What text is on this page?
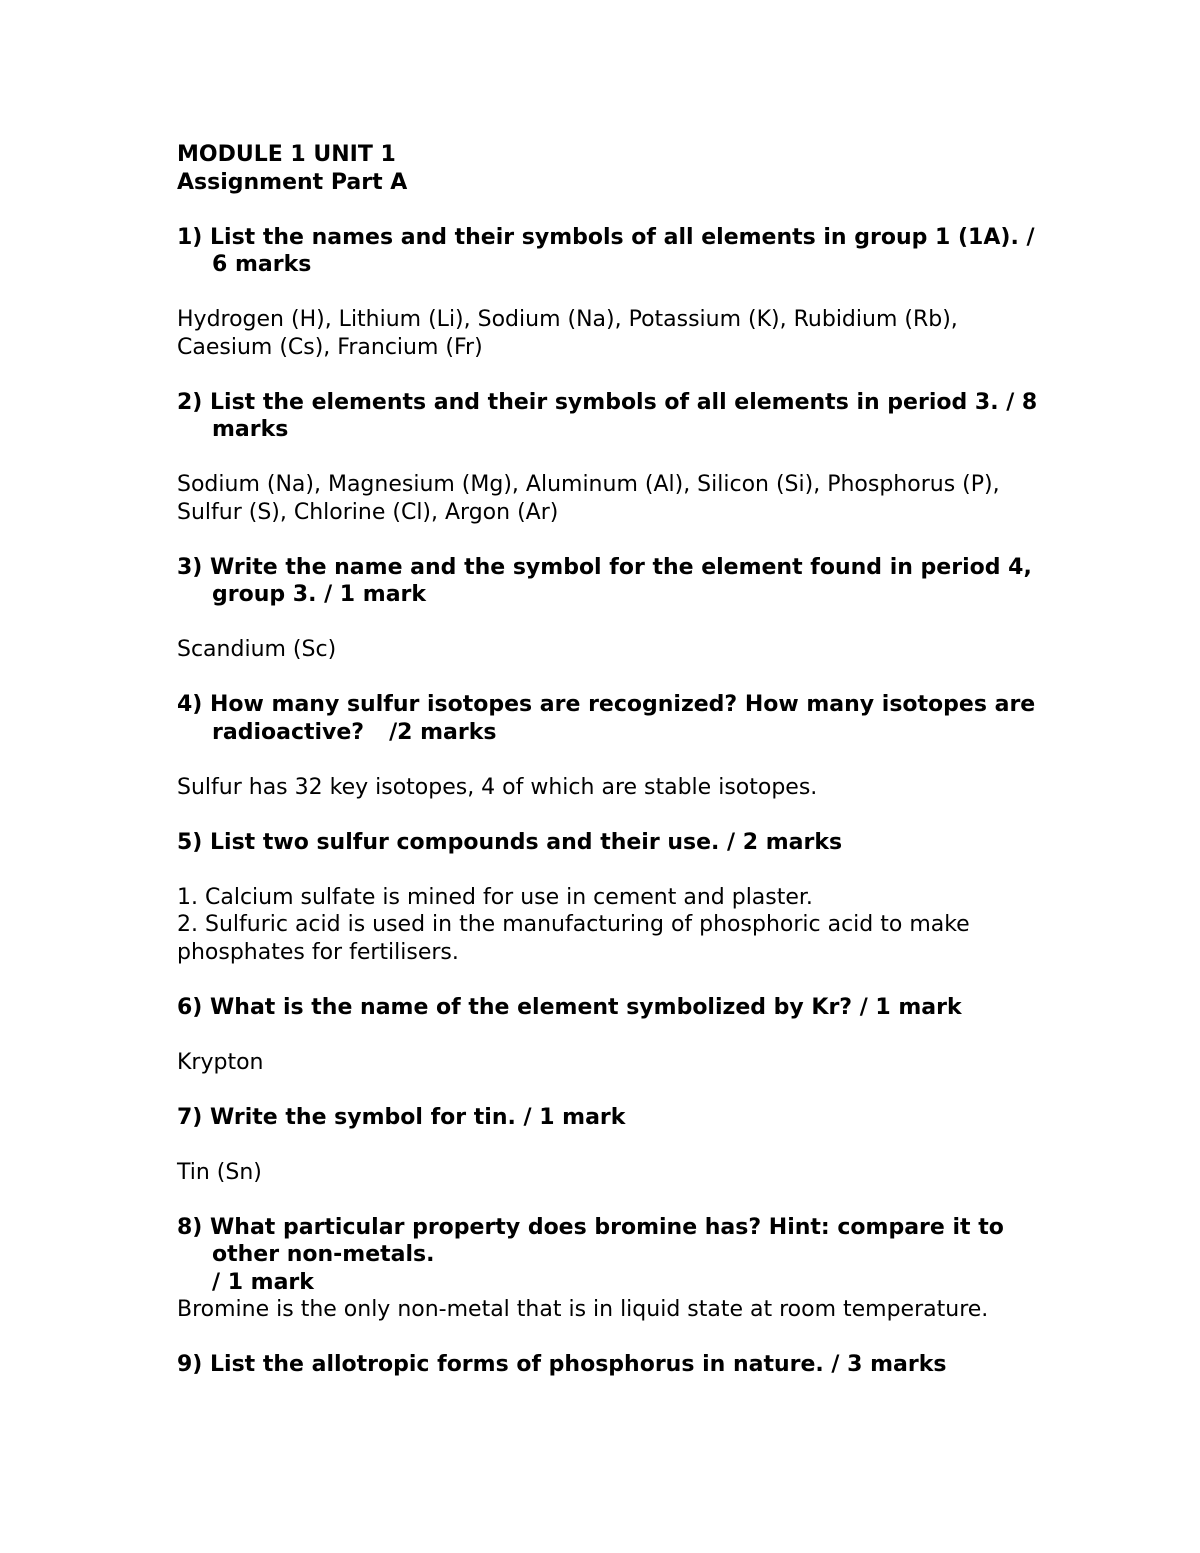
MODULE 1 UNIT 1

Assignment Part A

1) List the names and their symbols of all elements in group 1 (1A). / 6 marks

Hydrogen (H), Lithium (Li), Sodium (Na), Potassium (K), Rubidium (Rb), Caesium (Cs), Francium (Fr)

2) List the elements and their symbols of all elements in period 3. / 8 marks

Sodium (Na), Magnesium (Mg), Aluminum (Al), Silicon (Si), Phosphorus (P), Sulfur (S), Chlorine (Cl), Argon (Ar)

3) Write the name and the symbol for the element found in period 4, group 3. / 1 mark

Scandium (Sc)

4) How many sulfur isotopes are recognized? How many isotopes are radioactive? /2 marks

Sulfur has 32 key isotopes, 4 of which are stable isotopes.

5) List two sulfur compounds and their use. / 2 marks

1. Calcium sulfate is mined for use in cement and plaster.

2. Sulfuric acid is used in the manufacturing of phosphoric acid to make phosphates for fertilisers.

6) What is the name of the element symbolized by Kr? / 1 mark

Krypton

7) Write the symbol for tin. / 1 mark

Tin (Sn)

8) What particular property does bromine has? Hint: compare it to other non-metals.

/ 1 mark

Bromine is the only non-metal that is in liquid state at room temperature.

9) List the allotropic forms of phosphorus in nature. / 3 marks
